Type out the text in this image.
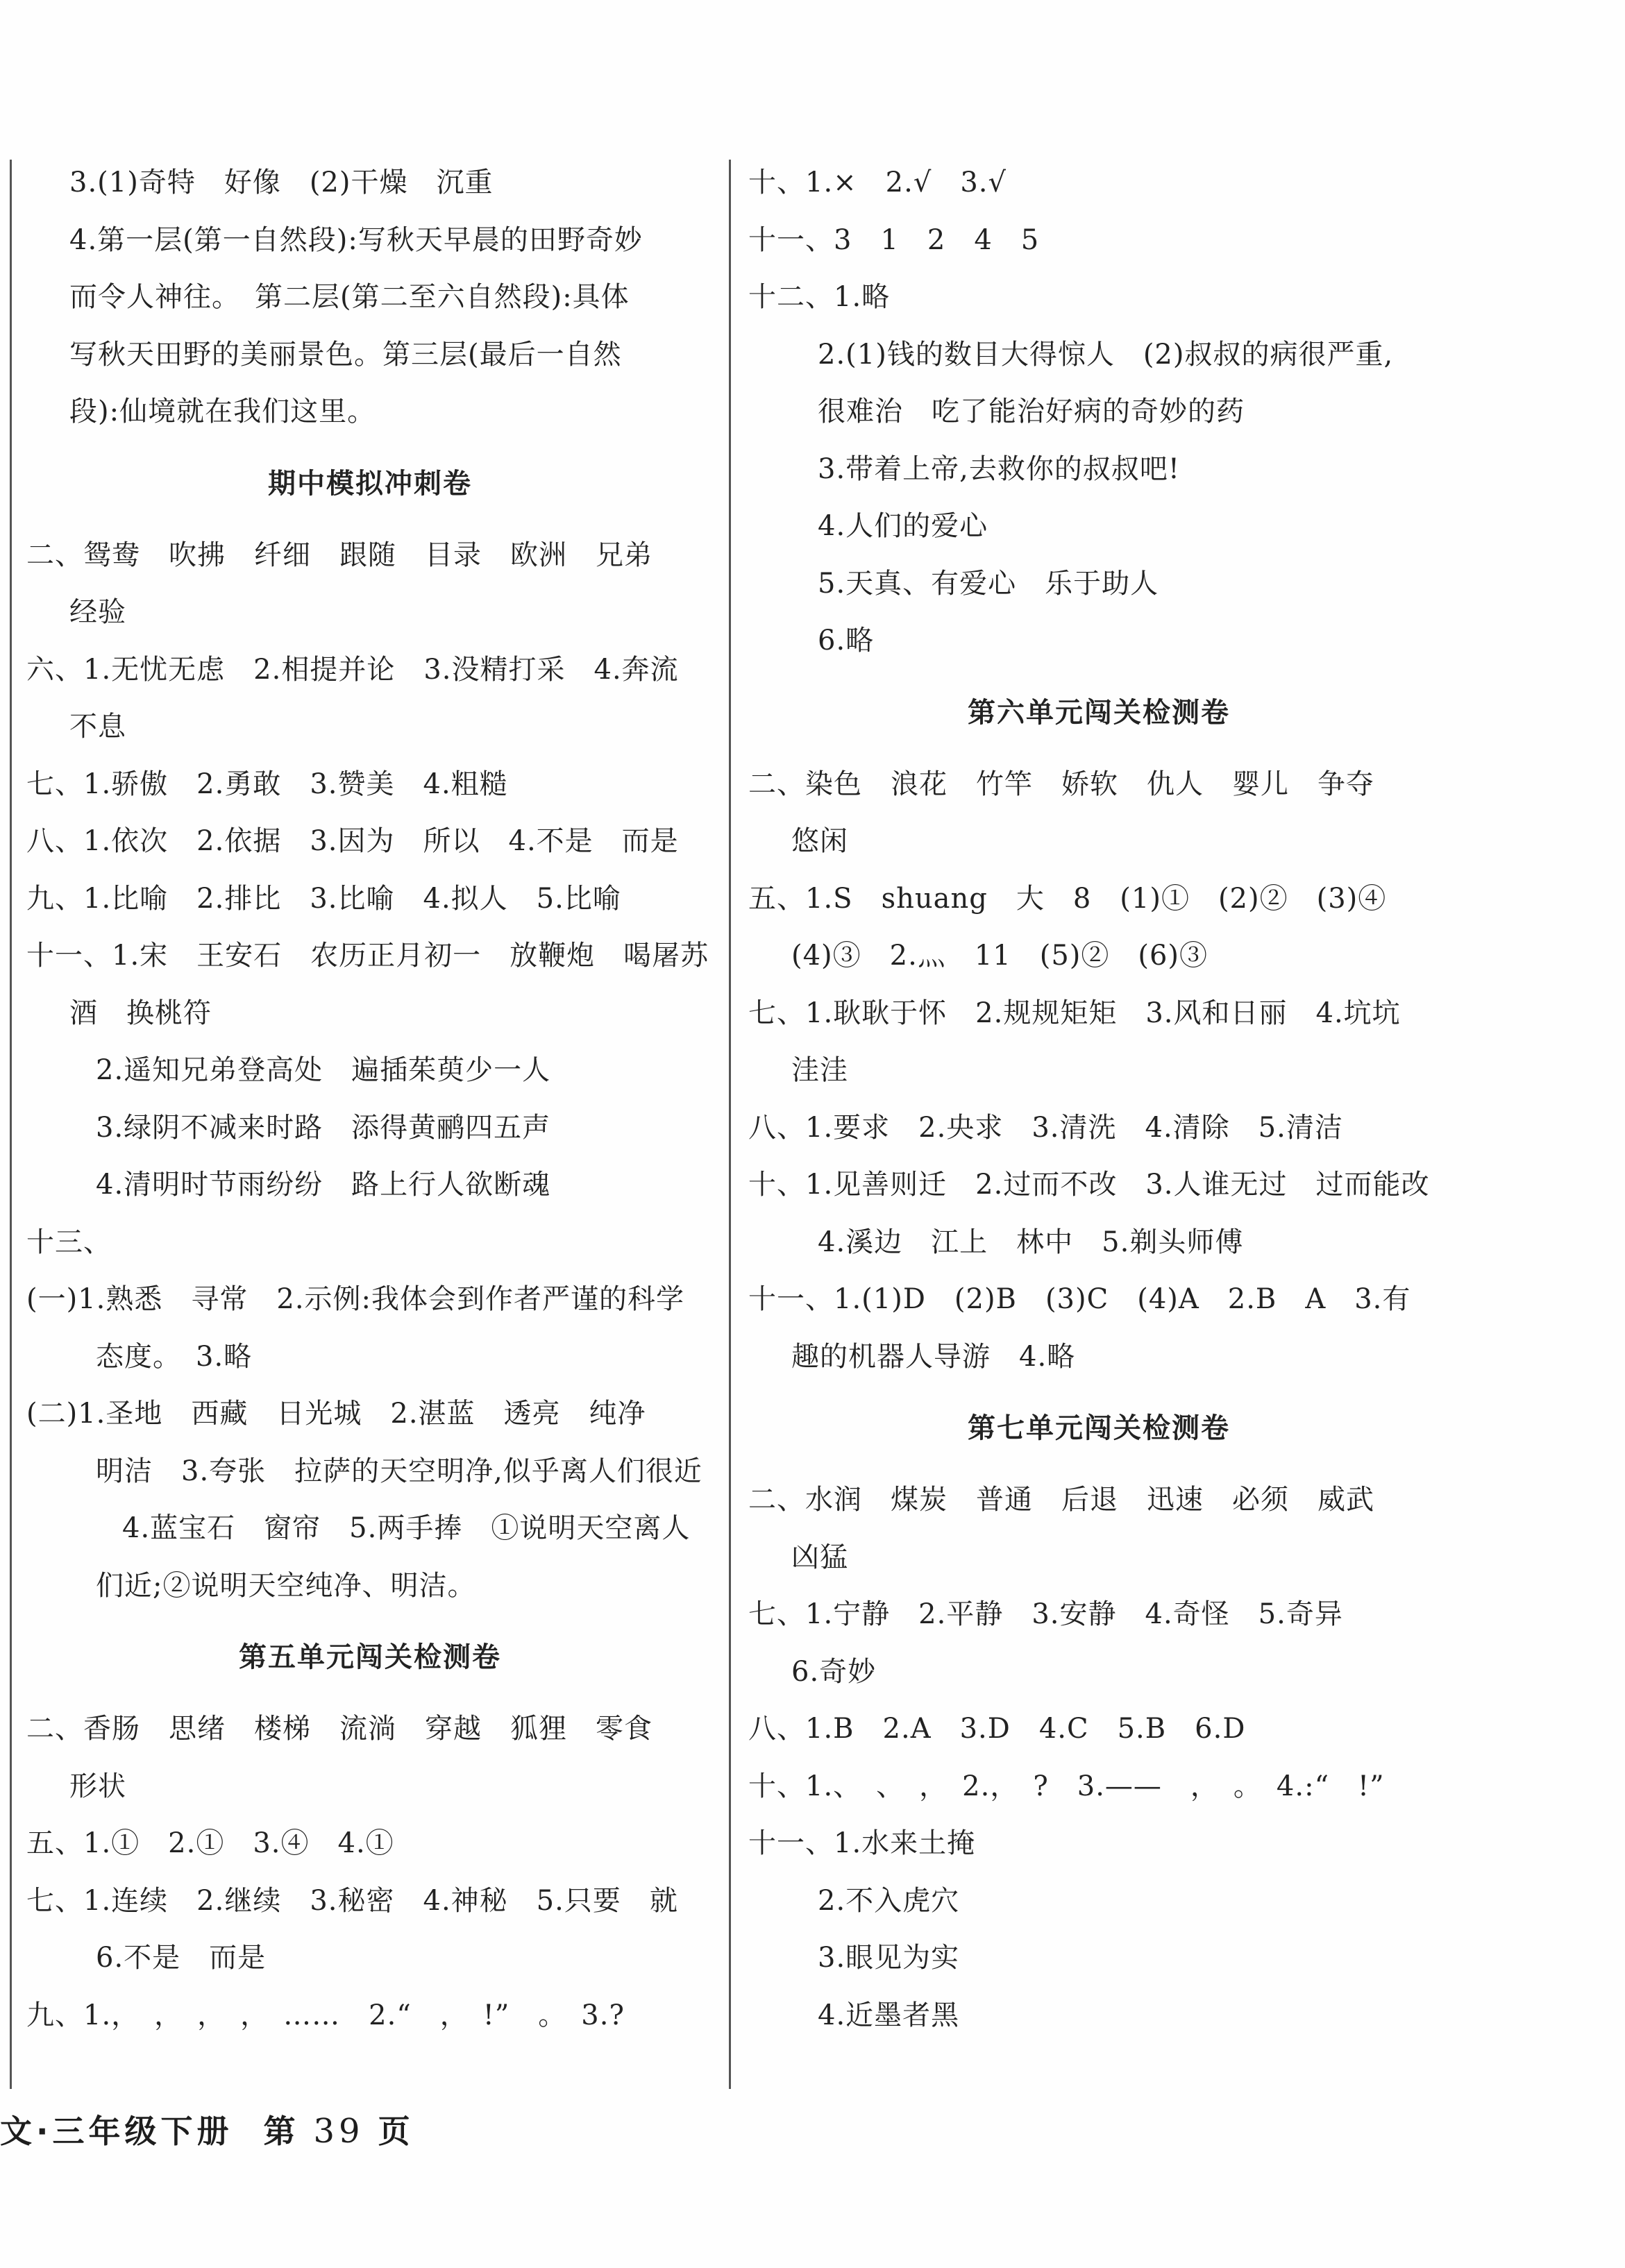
3.(1)奇特　好像　(2)干燥　沉重
4.第一层(第一自然段):写秋天早晨的田野奇妙
而令人神往。　第二层(第二至六自然段):具体
写秋天田野的美丽景色。第三层(最后一自然
段):仙境就在我们这里。
期中模拟冲刺卷
二、鸳鸯　吹拂　纤细　跟随　目录　欧洲　兄弟
经验
六、1.无忧无虑　2.相提并论　3.没精打采　4.奔流
不息
七、1.骄傲　2.勇敢　3.赞美　4.粗糙
八、1.依次　2.依据　3.因为　所以　4.不是　而是
九、1.比喻　2.排比　3.比喻　4.拟人　5.比喻
十一、1.宋　王安石　农历正月初一　放鞭炮　喝屠苏
酒　换桃符
2.遥知兄弟登高处　遍插茱萸少一人
3.绿阴不减来时路　添得黄鹂四五声
4.清明时节雨纷纷　路上行人欲断魂
十三、
(一)1.熟悉　寻常　2.示例:我体会到作者严谨的科学
态度。　3.略
(二)1.圣地　西藏　日光城　2.湛蓝　透亮　纯净
明洁　3.夸张　拉萨的天空明净,似乎离人们很近
4.蓝宝石　窗帘　5.两手捧　①说明天空离人
们近;②说明天空纯净、明洁。
第五单元闯关检测卷
二、香肠　思绪　楼梯　流淌　穿越　狐狸　零食
形状
五、1.①　2.①　3.④　4.①
七、1.连续　2.继续　3.秘密　4.神秘　5.只要　就
6.不是　而是
九、1.，　，　，　，　……　2.“　，　!”　。　3.?
十、1.×　2.√　3.√
十一、3　1　2　4　5
十二、1.略
2.(1)钱的数目大得惊人　(2)叔叔的病很严重,
很难治　吃了能治好病的奇妙的药
3.带着上帝,去救你的叔叔吧!
4.人们的爱心
5.天真、有爱心　乐于助人
6.略
第六单元闯关检测卷
二、染色　浪花　竹竿　娇软　仇人　婴儿　争夺
悠闲
五、1.S　shuang　大　8　(1)①　(2)②　(3)④
(4)③　2.灬　11　(5)②　(6)③
七、1.耿耿于怀　2.规规矩矩　3.风和日丽　4.坑坑
洼洼
八、1.要求　2.央求　3.清洗　4.清除　5.清洁
十、1.见善则迁　2.过而不改　3.人谁无过　过而能改
4.溪边　江上　林中　5.剃头师傅
十一、1.(1)D　(2)B　(3)C　(4)A　2.B　A　3.有
趣的机器人导游　4.略
第七单元闯关检测卷
二、水润　煤炭　普通　后退　迅速　必须　威武
凶猛
七、1.宁静　2.平静　3.安静　4.奇怪　5.奇异
6.奇妙
八、1.B　2.A　3.D　4.C　5.B　6.D
十、1.、　、　，　2.，　?　3.——　，　。　4.:“　!”
十一、1.水来土掩
2.不入虎穴
3.眼见为实
4.近墨者黑
文·三年级下册 第 39 页
